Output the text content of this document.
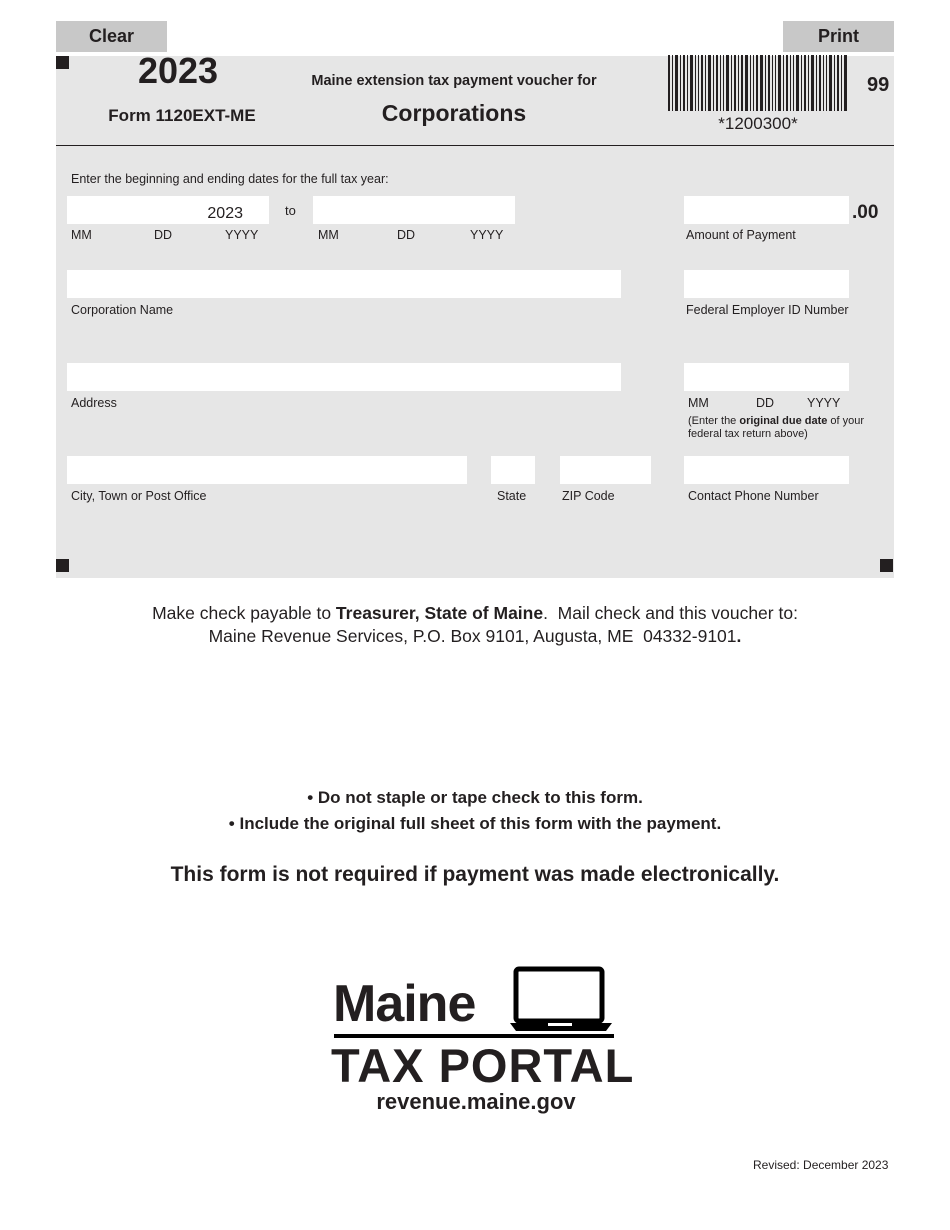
Clear	Print
2023
Form 1120EXT-ME
Maine extension tax payment voucher for
Corporations	*1200300*
99
Enter the beginning and ending dates for the full tax year:
2023
to
MM	DD	YYYY	MM	DD	YYYY
.00
Amount of Payment
Corporation Name	Federal Employer ID Number
Address	MM	DD	YYYY
(Enter the original due date of your
federal tax return above)
City, Town or Post Office	State	ZIP Code	Contact Phone Number
Make check payable to Treasurer, State of Maine.  Mail check and this voucher to:
Maine Revenue Services, P.O. Box 9101, Augusta, ME  04332-9101.
• Do not staple or tape check to this form.
• Include the original full sheet of this form with the payment.
This form is not required if payment was made electronically.
Maine
TAX PORTAL
revenue.maine.gov
Revised: December 2023
